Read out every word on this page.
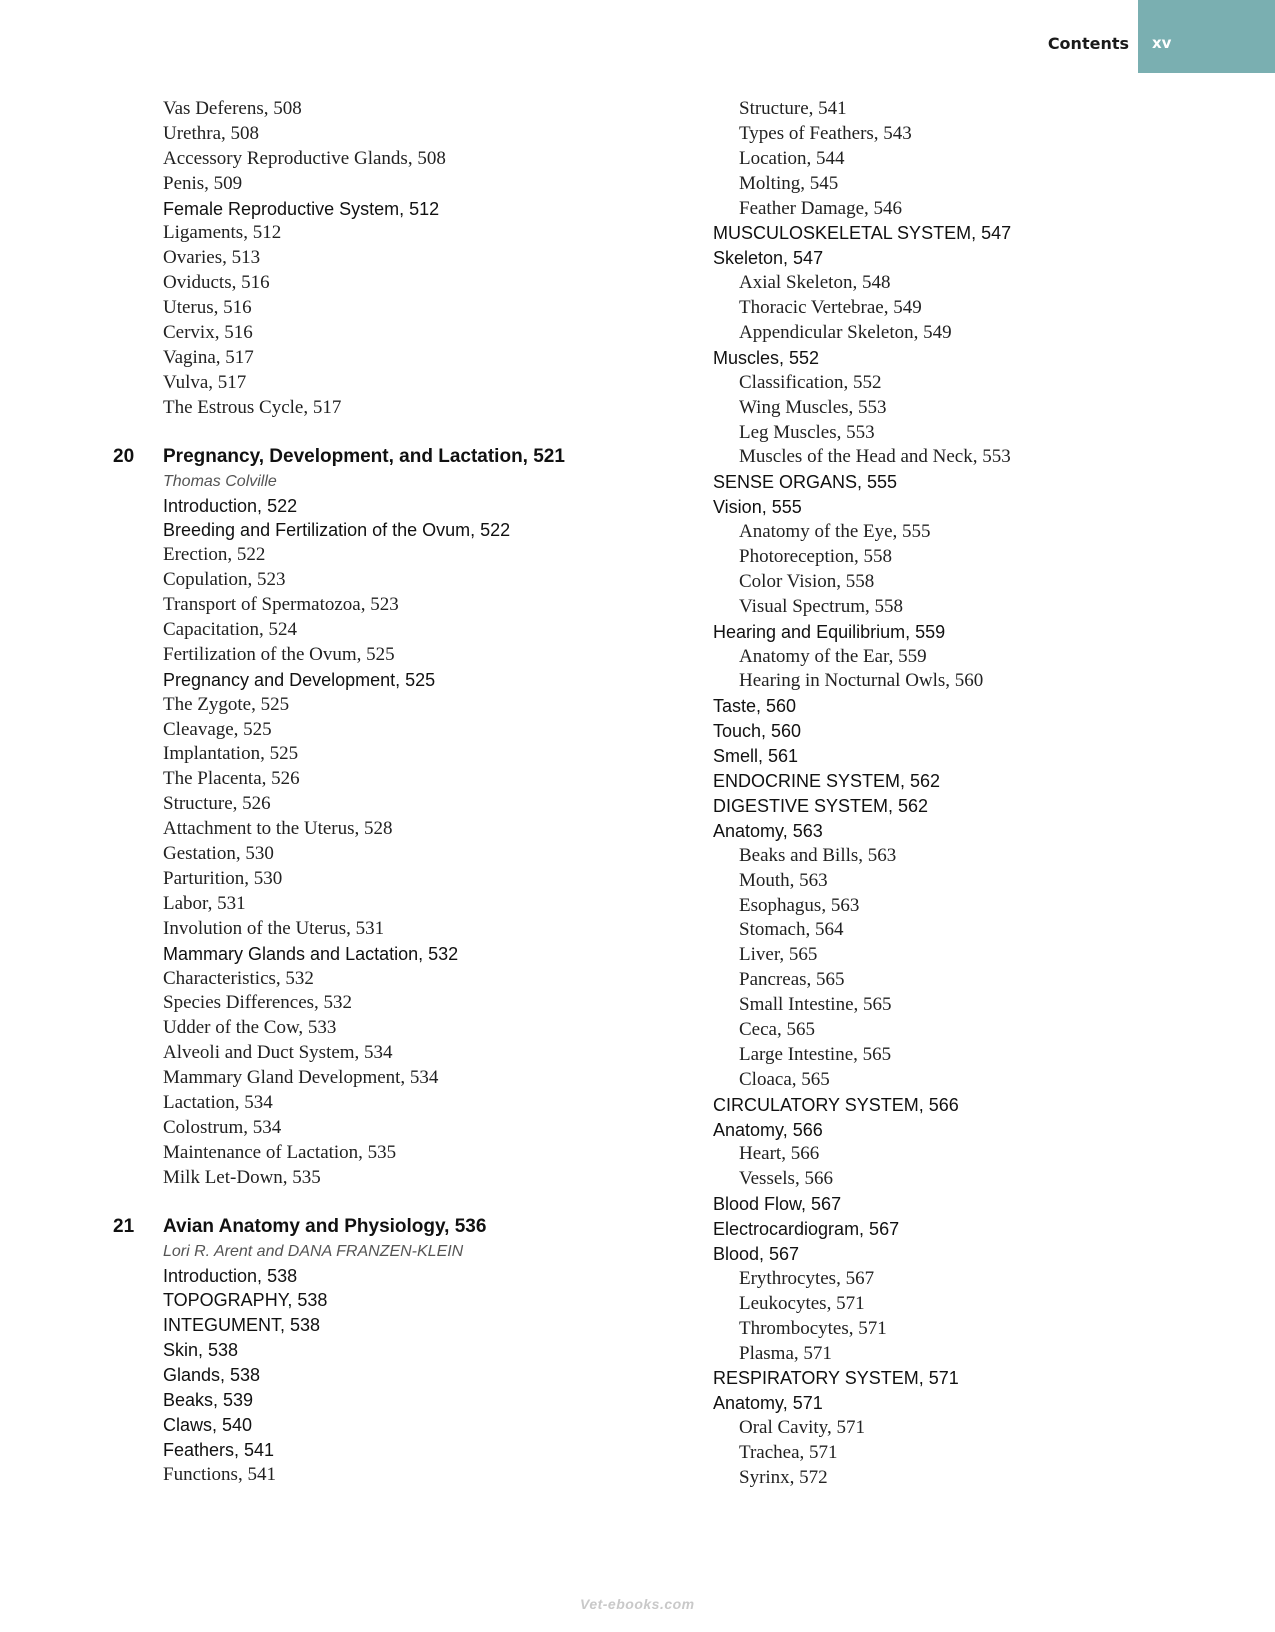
Contents xv
Vas Deferens, 508
Urethra, 508
Accessory Reproductive Glands, 508
Penis, 509
Female Reproductive System, 512
Ligaments, 512
Ovaries, 513
Oviducts, 516
Uterus, 516
Cervix, 516
Vagina, 517
Vulva, 517
The Estrous Cycle, 517
20 Pregnancy, Development, and Lactation, 521
Thomas Colville
Introduction, 522
Breeding and Fertilization of the Ovum, 522
Erection, 522
Copulation, 523
Transport of Spermatozoa, 523
Capacitation, 524
Fertilization of the Ovum, 525
Pregnancy and Development, 525
The Zygote, 525
Cleavage, 525
Implantation, 525
The Placenta, 526
Structure, 526
Attachment to the Uterus, 528
Gestation, 530
Parturition, 530
Labor, 531
Involution of the Uterus, 531
Mammary Glands and Lactation, 532
Characteristics, 532
Species Differences, 532
Udder of the Cow, 533
Alveoli and Duct System, 534
Mammary Gland Development, 534
Lactation, 534
Colostrum, 534
Maintenance of Lactation, 535
Milk Let-Down, 535
21 Avian Anatomy and Physiology, 536
Lori R. Arent and DANA FRANZEN-KLEIN
Introduction, 538
TOPOGRAPHY, 538
INTEGUMENT, 538
Skin, 538
Glands, 538
Beaks, 539
Claws, 540
Feathers, 541
Functions, 541
Structure, 541
Types of Feathers, 543
Location, 544
Molting, 545
Feather Damage, 546
MUSCULOSKELETAL SYSTEM, 547
Skeleton, 547
Axial Skeleton, 548
Thoracic Vertebrae, 549
Appendicular Skeleton, 549
Muscles, 552
Classification, 552
Wing Muscles, 553
Leg Muscles, 553
Muscles of the Head and Neck, 553
SENSE ORGANS, 555
Vision, 555
Anatomy of the Eye, 555
Photoreception, 558
Color Vision, 558
Visual Spectrum, 558
Hearing and Equilibrium, 559
Anatomy of the Ear, 559
Hearing in Nocturnal Owls, 560
Taste, 560
Touch, 560
Smell, 561
ENDOCRINE SYSTEM, 562
DIGESTIVE SYSTEM, 562
Anatomy, 563
Beaks and Bills, 563
Mouth, 563
Esophagus, 563
Stomach, 564
Liver, 565
Pancreas, 565
Small Intestine, 565
Ceca, 565
Large Intestine, 565
Cloaca, 565
CIRCULATORY SYSTEM, 566
Anatomy, 566
Heart, 566
Vessels, 566
Blood Flow, 567
Electrocardiogram, 567
Blood, 567
Erythrocytes, 567
Leukocytes, 571
Thrombocytes, 571
Plasma, 571
RESPIRATORY SYSTEM, 571
Anatomy, 571
Oral Cavity, 571
Trachea, 571
Syrinx, 572
Vet-ebooks.com
